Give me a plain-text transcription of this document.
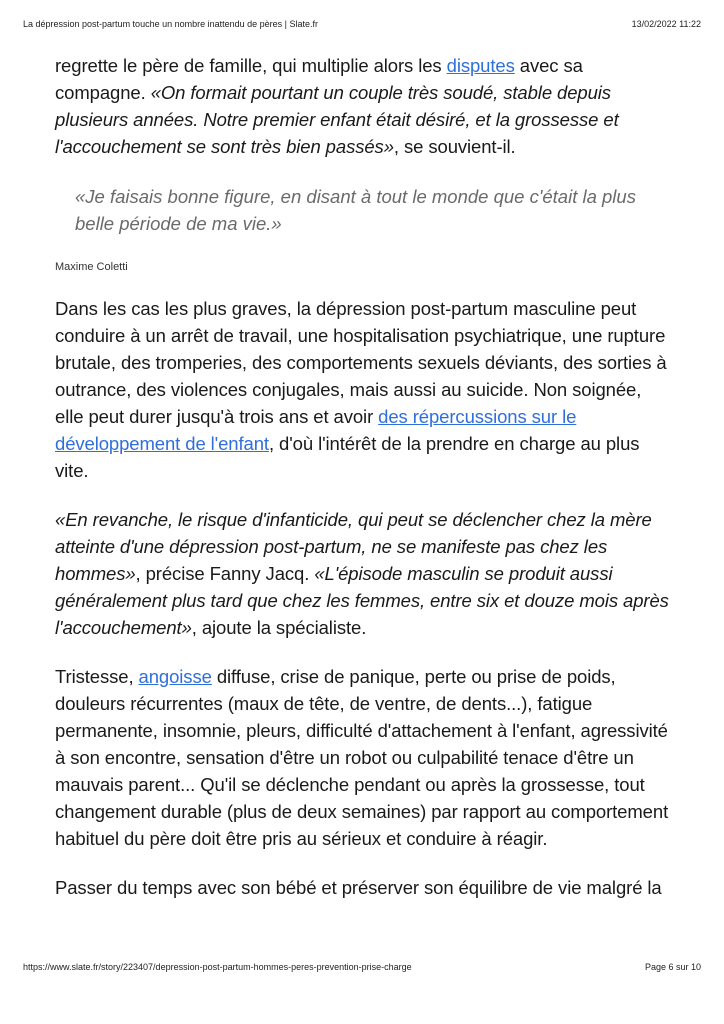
La dépression post-partum touche un nombre inattendu de pères | Slate.fr	13/02/2022 11:22

regrette le père de famille, qui multiplie alors les disputes avec sa compagne. «On formait pourtant un couple très soudé, stable depuis plusieurs années. Notre premier enfant était désiré, et la grossesse et l'accouchement se sont très bien passés», se souvient-il.

«Je faisais bonne figure, en disant à tout le monde que c'était la plus belle période de ma vie.»

Maxime Coletti

Dans les cas les plus graves, la dépression post-partum masculine peut conduire à un arrêt de travail, une hospitalisation psychiatrique, une rupture brutale, des tromperies, des comportements sexuels déviants, des sorties à outrance, des violences conjugales, mais aussi au suicide. Non soignée, elle peut durer jusqu'à trois ans et avoir des répercussions sur le développement de l'enfant, d'où l'intérêt de la prendre en charge au plus vite.

«En revanche, le risque d'infanticide, qui peut se déclencher chez la mère atteinte d'une dépression post-partum, ne se manifeste pas chez les hommes», précise Fanny Jacq. «L'épisode masculin se produit aussi généralement plus tard que chez les femmes, entre six et douze mois après l'accouchement», ajoute la spécialiste.

Tristesse, angoisse diffuse, crise de panique, perte ou prise de poids, douleurs récurrentes (maux de tête, de ventre, de dents...), fatigue permanente, insomnie, pleurs, difficulté d'attachement à l'enfant, agressivité à son encontre, sensation d'être un robot ou culpabilité tenace d'être un mauvais parent... Qu'il se déclenche pendant ou après la grossesse, tout changement durable (plus de deux semaines) par rapport au comportement habituel du père doit être pris au sérieux et conduire à réagir.

Passer du temps avec son bébé et préserver son équilibre de vie malgré la

https://www.slate.fr/story/223407/depression-post-partum-hommes-peres-prevention-prise-charge	Page 6 sur 10
